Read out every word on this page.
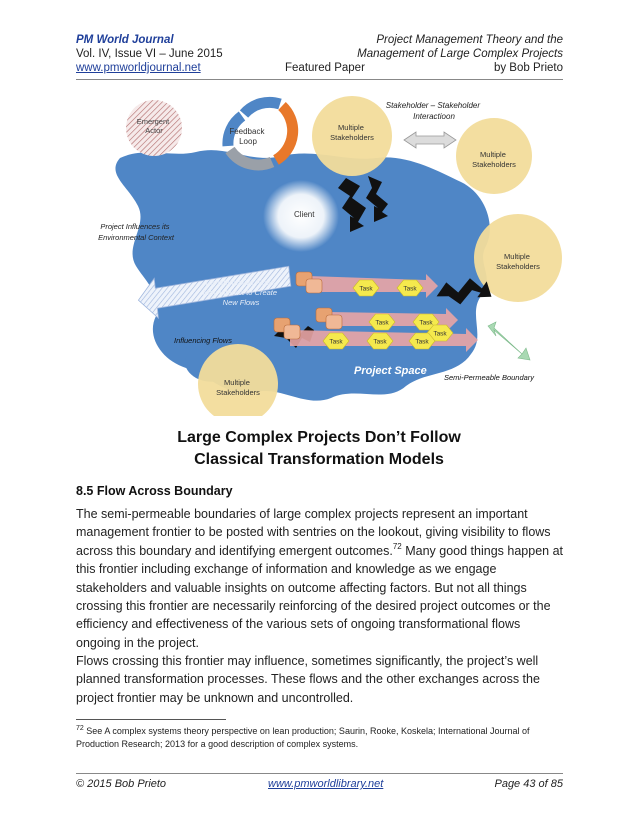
PM World Journal
Vol. IV, Issue VI – June 2015
www.pmworldjournal.net
Project Management Theory and the
Management of Large Complex Projects
Featured Paper	by Bob Prieto
Client
Emergent Actor	Feedback Loop
Multiple Stakeholders
Multiple Stakeholders
Multiple Stakeholders
Multiple Stakeholders
Stakeholder – Stakeholder Interactioon
Project Influences its Environmental Context
Transformative Flows May Interact to Create New Flows
Influencing Flows
Task	Task
Task	Task
Task
Task	Task	Task
Project Space
Semi-Permeable Boundary
Large Complex Projects Don’t Follow
Classical Transformation Models
8.5 Flow Across Boundary
The semi-permeable boundaries of large complex projects represent an important management frontier to be posted with sentries on the lookout, giving visibility to flows across this boundary and identifying emergent outcomes.$^{72}$ Many good things happen at this frontier including exchange of information and knowledge as we engage stakeholders and valuable insights on outcome affecting factors. But not all things crossing this frontier are necessarily reinforcing of the desired project outcomes or the efficiency and effectiveness of the various sets of ongoing transformational flows ongoing in the project.
Flows crossing this frontier may influence, sometimes significantly, the project’s well planned transformation processes. These flows and the other exchanges across the project frontier may be unknown and uncontrolled.
$^{72}$ See A complex systems theory perspective on lean production; Saurin, Rooke, Koskela; International Journal of Production Research; 2013 for a good description of complex systems.
© 2015 Bob Prieto	www.pmworldlibrary.net	Page 43 of 85
